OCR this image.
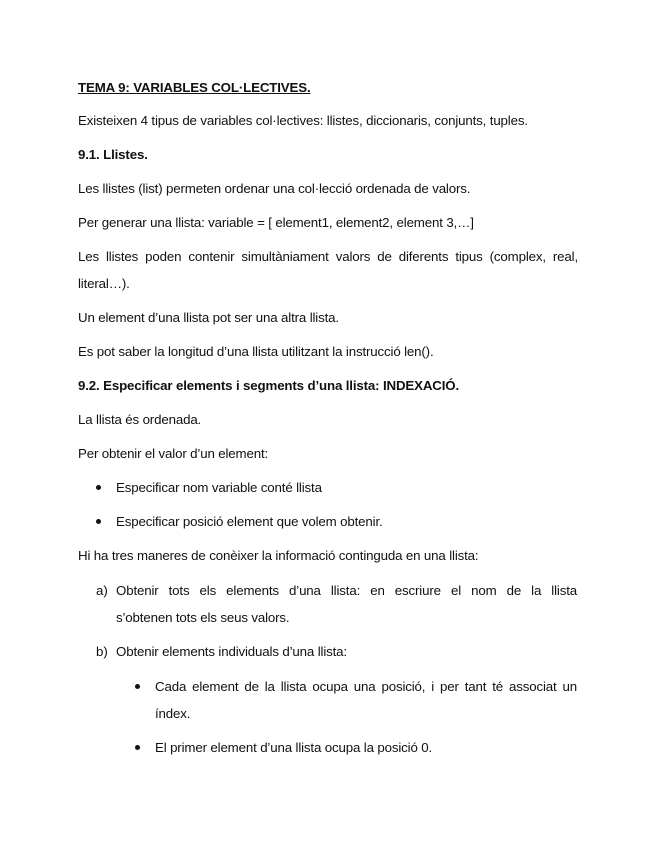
TEMA 9: VARIABLES COL·LECTIVES.
Existeixen 4 tipus de variables col·lectives: llistes, diccionaris, conjunts, tuples.
9.1. Llistes.
Les llistes (list) permeten ordenar una col·lecció ordenada de valors.
Per generar una llista: variable = [ element1, element2, element 3,…]
Les llistes poden contenir simultàniament valors de diferents tipus (complex, real,
literal…).
Un element d’una llista pot ser una altra llista.
Es pot saber la longitud d’una llista utilitzant la instrucció len().
9.2. Especificar elements i segments d’una llista: INDEXACIÓ.
La llista és ordenada.
Per obtenir el valor d’un element:
Especificar nom variable conté llista
Especificar posició element que volem obtenir.
Hi ha tres maneres de conèixer la informació continguda en una llista:
a) Obtenir tots els elements d’una llista: en escriure el nom de la llista
s’obtenen tots els seus valors.
b) Obtenir elements individuals d’una llista:
Cada element de la llista ocupa una posició, i per tant té associat un
índex.
El primer element d’una llista ocupa la posició 0.
